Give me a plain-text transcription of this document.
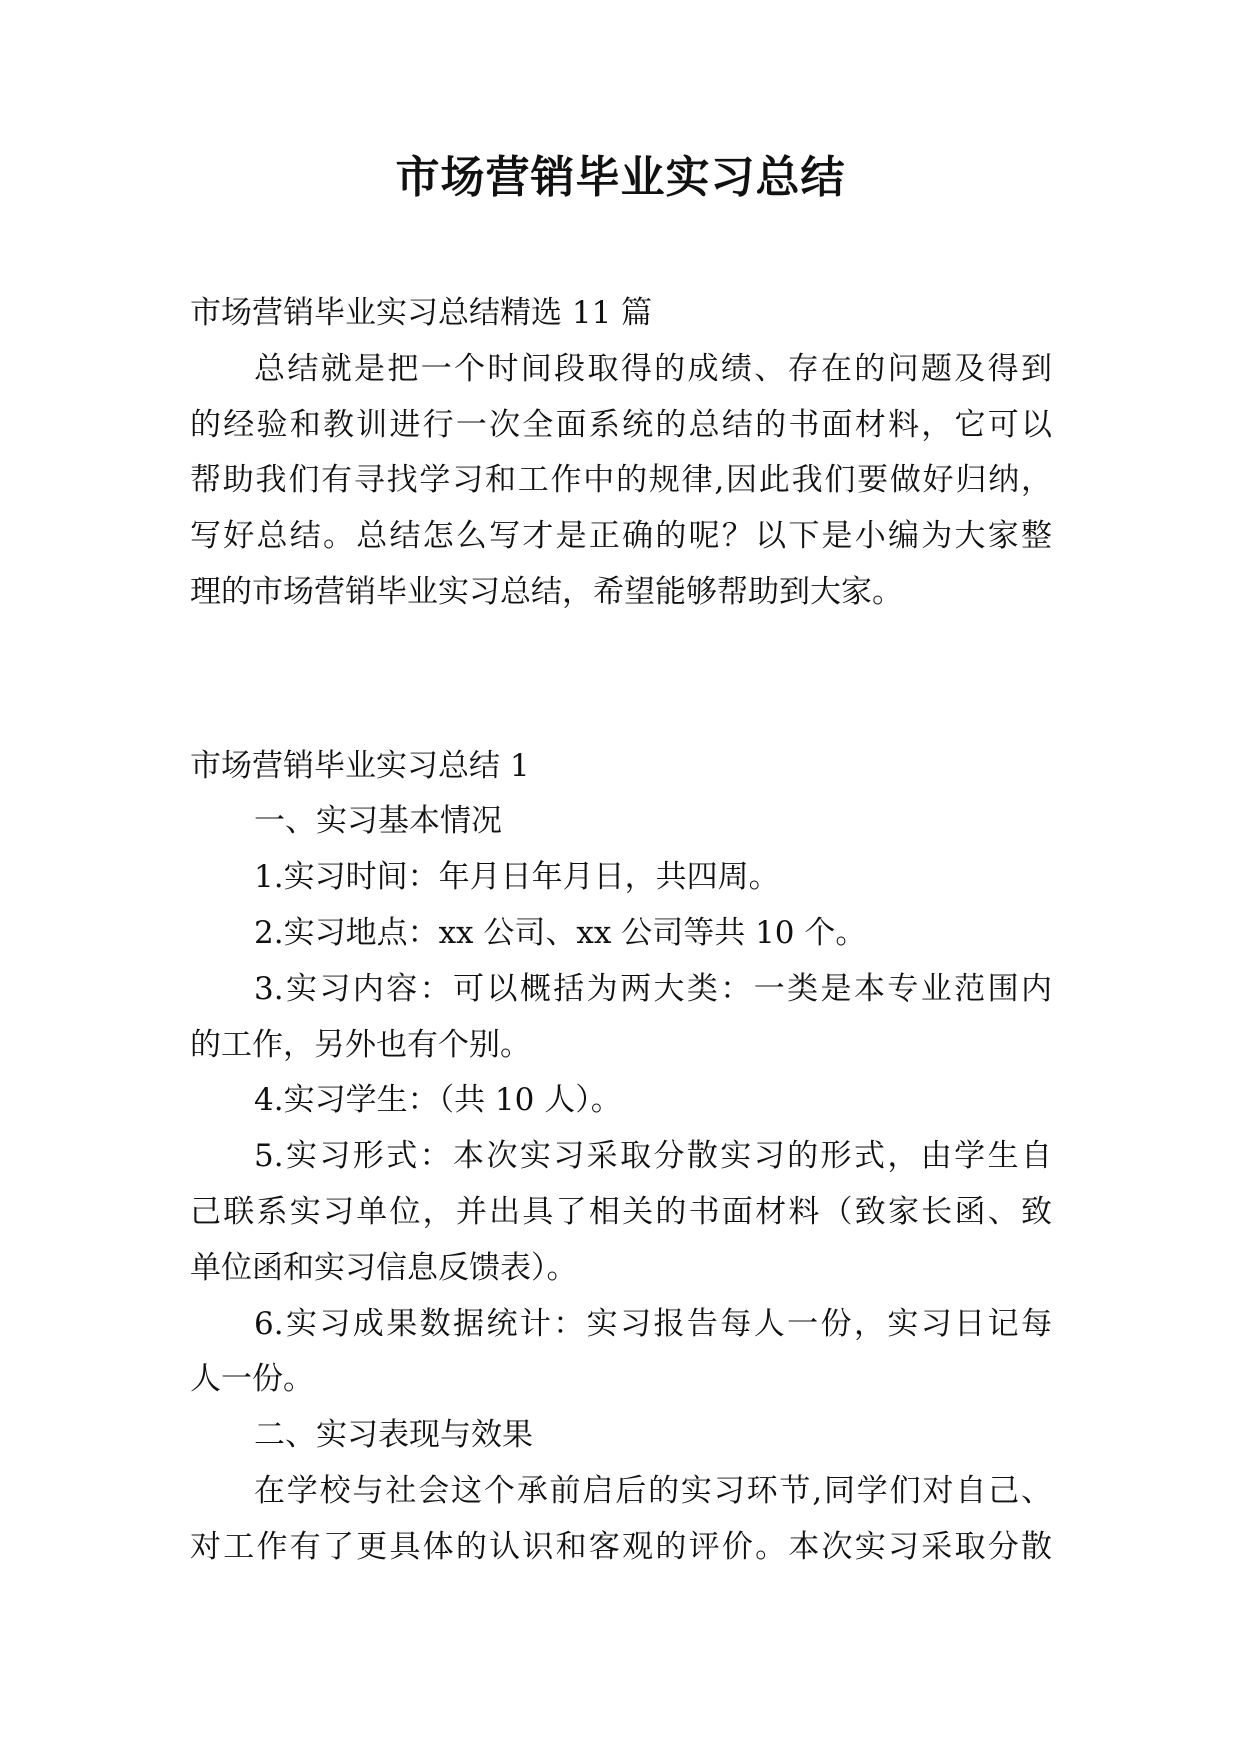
市场营销毕业实习总结

市场营销毕业实习总结精选 11 篇

总结就是把一个时间段取得的成绩、存在的问题及得到

的经验和教训进行一次全面系统的总结的书面材料，它可以

帮助我们有寻找学习和工作中的规律,因此我们要做好归纳，

写好总结。总结怎么写才是正确的呢？以下是小编为大家整

理的市场营销毕业实习总结，希望能够帮助到大家。

市场营销毕业实习总结 1

一、实习基本情况

1.实习时间：年月日年月日，共四周。

2.实习地点：xx 公司、xx 公司等共 10 个。

3.实习内容：可以概括为两大类：一类是本专业范围内

的工作，另外也有个别。

4.实习学生：（共 10 人）。

5.实习形式：本次实习采取分散实习的形式，由学生自

己联系实习单位，并出具了相关的书面材料（致家长函、致

单位函和实习信息反馈表）。

6.实习成果数据统计：实习报告每人一份，实习日记每

人一份。

二、实习表现与效果

在学校与社会这个承前启后的实习环节,同学们对自己、

对工作有了更具体的认识和客观的评价。本次实习采取分散
